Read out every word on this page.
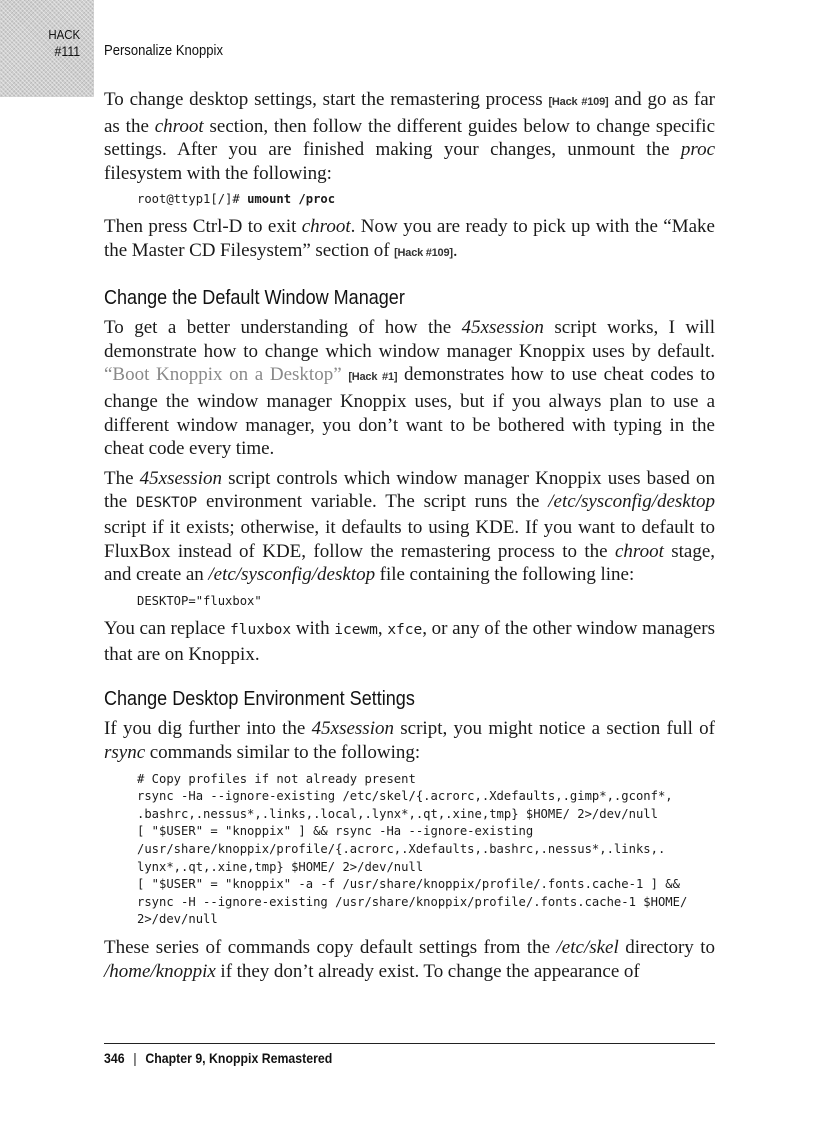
HACK
#111 Personalize Knoppix

To change desktop settings, start the remastering process [Hack #109] and go as far as the chroot section, then follow the different guides below to change specific settings. After you are finished making your changes, unmount the proc filesystem with the following:

root@ttyp1[/]# umount /proc

Then press Ctrl-D to exit chroot. Now you are ready to pick up with the “Make the Master CD Filesystem” section of [Hack #109].

Change the Default Window Manager

To get a better understanding of how the 45xsession script works, I will demonstrate how to change which window manager Knoppix uses by default. “Boot Knoppix on a Desktop” [Hack #1] demonstrates how to use cheat codes to change the window manager Knoppix uses, but if you always plan to use a different window manager, you don’t want to be bothered with typing in the cheat code every time.

The 45xsession script controls which window manager Knoppix uses based on the DESKTOP environment variable. The script runs the /etc/sysconfig/desktop script if it exists; otherwise, it defaults to using KDE. If you want to default to FluxBox instead of KDE, follow the remastering process to the chroot stage, and create an /etc/sysconfig/desktop file containing the following line:

DESKTOP="fluxbox"

You can replace fluxbox with icewm, xfce, or any of the other window managers that are on Knoppix.

Change Desktop Environment Settings

If you dig further into the 45xsession script, you might notice a section full of rsync commands similar to the following:

# Copy profiles if not already present
rsync -Ha --ignore-existing /etc/skel/{.acrorc,.Xdefaults,.gimp*,.gconf*,
.bashrc,.nessus*,.links,.local,.lynx*,.qt,.xine,tmp} $HOME/ 2>/dev/null
[ "$USER" = "knoppix" ] && rsync -Ha --ignore-existing
/usr/share/knoppix/profile/{.acrorc,.Xdefaults,.bashrc,.nessus*,.links,.
lynx*,.qt,.xine,tmp} $HOME/ 2>/dev/null
[ "$USER" = "knoppix" -a -f /usr/share/knoppix/profile/.fonts.cache-1 ] &&
rsync -H --ignore-existing /usr/share/knoppix/profile/.fonts.cache-1 $HOME/
2>/dev/null

These series of commands copy default settings from the /etc/skel directory to /home/knoppix if they don’t already exist. To change the appearance of

346 | Chapter 9, Knoppix Remastered
